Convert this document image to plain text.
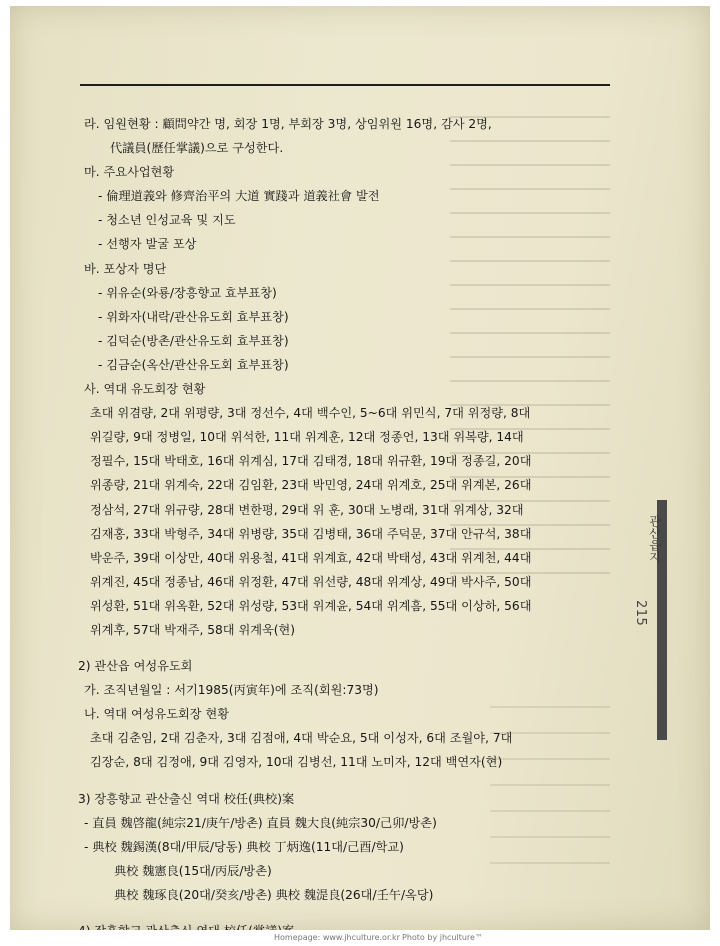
라. 임원현황 : 顧問약간 명, 회장 1명, 부회장 3명, 상임위원 16명, 감사 2명,
代議員(歷任掌議)으로 구성한다.
마. 주요사업현황
- 倫理道義와 修齊治平의 大道 實踐과 道義社會 발전
- 청소년 인성교육 및 지도
- 선행자 발굴 포상
바. 포상자 명단
- 위유순(와룡/장흥향교 효부표창)
- 위화자(내락/관산유도회 효부표창)
- 김덕순(방촌/관산유도회 효부표창)
- 김금순(옥산/관산유도회 효부표창)
사. 역대 유도회장 현황
초대 위겸량, 2대 위평량, 3대 정선수, 4대 백수인, 5~6대 위민식, 7대 위정량, 8대
위길량, 9대 정병일, 10대 위석한, 11대 위계훈, 12대 정종언, 13대 위복량, 14대
정필수, 15대 박태호, 16대 위계심, 17대 김태경, 18대 위규환, 19대 정종길, 20대
위종량, 21대 위계숙, 22대 김임환, 23대 박민영, 24대 위계호, 25대 위계본, 26대
정삼석, 27대 위규량, 28대 변한평, 29대 위 훈, 30대 노병래, 31대 위계상, 32대
김재홍, 33대 박형주, 34대 위병량, 35대 김병태, 36대 주덕문, 37대 안규석, 38대
박운주, 39대 이상만, 40대 위용철, 41대 위계효, 42대 박태성, 43대 위계천, 44대
위계진, 45대 정종남, 46대 위정환, 47대 위선량, 48대 위계상, 49대 박사주, 50대
위성환, 51대 위옥환, 52대 위성량, 53대 위계윤, 54대 위계흠, 55대 이상하, 56대
위계후, 57대 박재주, 58대 위계욱(현)
2) 관산읍 여성유도회
가. 조직년월일 : 서기1985(丙寅年)에 조직(회원:73명)
나. 역대 여성유도회장 현황
초대 김춘임, 2대 김춘자, 3대 김점애, 4대 박순요, 5대 이성자, 6대 조월야, 7대
김장순, 8대 김정애, 9대 김영자, 10대 김병선, 11대 노미자, 12대 백연자(현)
3) 장흥향교 관산출신 역대 校任(典校)案
- 直員 魏啓龍(純宗21/庚午/방촌) 直員 魏大良(純宗30/己卯/방촌)
- 典校 魏錫漢(8대/甲辰/당동) 典校 丁炳逸(11대/己酉/학교)
典校 魏憲良(15대/丙辰/방촌)
典校 魏琢良(20대/癸亥/방촌) 典校 魏湜良(26대/壬午/옥당)
관산읍지
215
Homepage: www.jhculture.or.kr Photo by jhculture™
